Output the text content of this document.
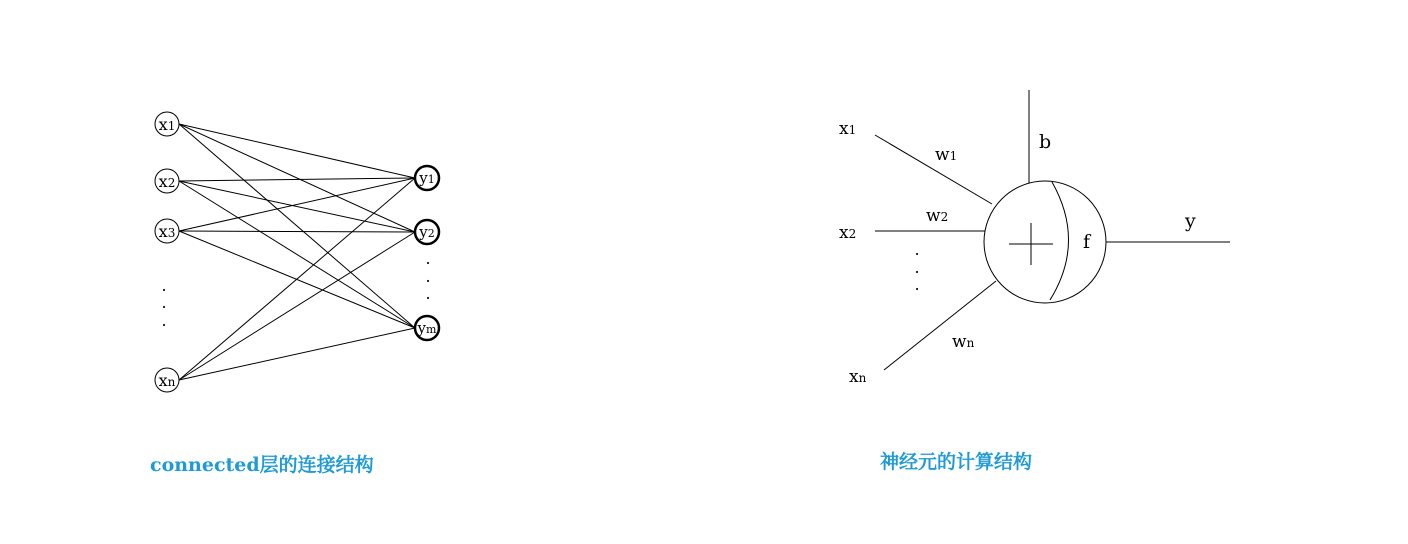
x1
x2
x3
xn
y1
y2
ym
.
.
.
.
.
.
x1
x2
xn
w1
w2
wn
b
f
y
.
.
.
connected层的连接结构	神经元的计算结构
